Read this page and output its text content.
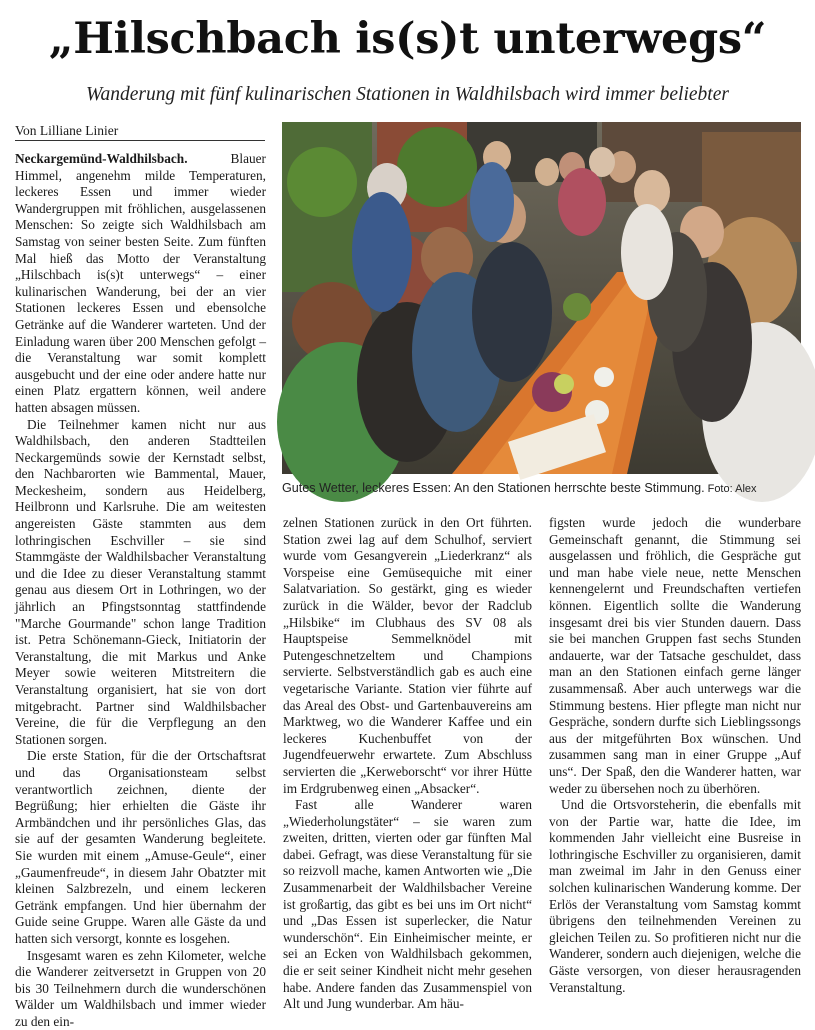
„Hilschbach is(s)t unterwegs“
Wanderung mit fünf kulinarischen Stationen in Waldhilsbach wird immer beliebter
Von Lilliane Linier

Neckargemünd-Waldhilsbach.	Blauer Himmel, angenehm milde Temperaturen, leckeres Essen und immer wieder Wandergruppen mit fröhlichen, ausgelassenen Menschen: So zeigte sich Waldhilsbach am Samstag von seiner besten Seite. Zum fünften Mal hieß das Motto der Veranstaltung „Hilschbach is(s)t unterwegs“ – einer kulinarischen Wanderung, bei der an vier Stationen leckeres Essen und ebensolche Getränke auf die Wanderer warteten. Und der Einladung waren über 200 Menschen gefolgt – die Veranstaltung war somit komplett ausgebucht und der eine oder andere hatte nur einen Platz ergattern können, weil andere hatten absagen müssen.

Die Teilnehmer kamen nicht nur aus Waldhilsbach, den anderen Stadtteilen Neckargemünds sowie der Kernstadt selbst, den Nachbarorten wie Bammental, Mauer, Meckesheim, sondern aus Heidelberg, Heilbronn und Karlsruhe. Die am weitesten angereisten Gäste stammten aus dem lothringischen Eschviller – sie sind Stammgäste der Waldhilsbacher Veranstaltung und die Idee zu dieser Veranstaltung stammt genau aus diesem Ort in Lothringen, wo der jährlich an Pfingstsonntag stattfindende "Marche Gourmande" schon lange Tradition ist. Petra Schönemann-Gieck, Initiatorin der Veranstaltung, die mit Markus und Anke Meyer sowie weiteren Mitstreitern die Veranstaltung organisiert, hat sie von dort mitgebracht. Partner sind Waldhilsbacher Vereine, die für die Verpflegung an den Stationen sorgen.

Die erste Station, für die der Ortschaftsrat und das Organisationsteam selbst verantwortlich zeichnen, diente der Begrüßung; hier erhielten die Gäste ihr Armbändchen und ihr persönliches Glas, das sie auf der gesamten Wanderung begleitete. Sie wurden mit einem „Amuse-Geule“, einer „Gaumenfreude“, in diesem Jahr Obatzter mit kleinen Salzbrezeln, und einem leckeren Getränk empfangen. Und hier übernahm der Guide seine Gruppe. Waren alle Gäste da und hatten sich versorgt, konnte es losgehen.

Insgesamt waren es zehn Kilometer, welche die Wanderer zeitversetzt in Gruppen von 20 bis 30 Teilnehmern durch die wunderschönen Wälder um Waldhilsbach und immer wieder zu den ein-

Gutes Wetter, leckeres Essen: An den Stationen herrschte beste Stimmung. Foto: Alex

zelnen Stationen zurück in den Ort führten. Station zwei lag auf dem Schulhof, serviert wurde vom Gesangverein „Liederkranz“ als Vorspeise eine Gemüsequiche mit einer Salatvariation. So gestärkt, ging es wieder zurück in die Wälder, bevor der Radclub „Hilsbike“ im Clubhaus des SV 08 als Hauptspeise Semmelknödel mit Putengeschnetzeltem und Champions servierte. Selbstverständlich gab es auch eine vegetarische Variante. Station vier führte auf das Areal des Obst- und Gartenbauvereins am Marktweg, wo die Wanderer Kaffee und ein leckeres Kuchenbuffet von der Jugendfeuerwehr erwartete. Zum Abschluss servierten die „Kerweborscht“ vor ihrer Hütte im Erdgrubenweg einen „Absacker“.

Fast alle Wanderer waren „Wiederholungstäter“ – sie waren zum zweiten, dritten, vierten oder gar fünften Mal dabei. Gefragt, was diese Veranstaltung für sie so reizvoll mache, kamen Antworten wie „Die Zusammenarbeit der Waldhilsbacher Vereine ist großartig, das gibt es bei uns im Ort nicht“ und „Das Essen ist superlecker, die Natur wunderschön“. Ein Einheimischer meinte, er sei an Ecken von Waldhilsbach gekommen, die er seit seiner Kindheit nicht mehr gesehen habe. Andere fanden das Zusammenspiel von Alt und Jung wunderbar. Am häu-

figsten wurde jedoch die wunderbare Gemeinschaft genannt, die Stimmung sei ausgelassen und fröhlich, die Gespräche gut und man habe viele neue, nette Menschen kennengelernt und Freundschaften vertiefen können. Eigentlich sollte die Wanderung insgesamt drei bis vier Stunden dauern. Dass sie bei manchen Gruppen fast sechs Stunden andauerte, war der Tatsache geschuldet, dass man an den Stationen einfach gerne länger zusammensaß. Aber auch unterwegs war die Stimmung bestens. Hier pflegte man nicht nur Gespräche, sondern durfte sich Lieblingssongs aus der mitgeführten Box wünschen. Und zusammen sang man in einer Gruppe „Auf uns“. Der Spaß, den die Wanderer hatten, war weder zu übersehen noch zu überhören.

Und die Ortsvorsteherin, die ebenfalls mit von der Partie war, hatte die Idee, im kommenden Jahr vielleicht eine Busreise in lothringische Eschviller zu organisieren, damit man zweimal im Jahr in den Genuss einer solchen kulinarischen Wanderung komme. Der Erlös der Veranstaltung vom Samstag kommt übrigens den teilnehmenden Vereinen zu gleichen Teilen zu. So profitieren nicht nur die Wanderer, sondern auch diejenigen, welche die Gäste versorgen, von dieser herausragenden Veranstaltung.
